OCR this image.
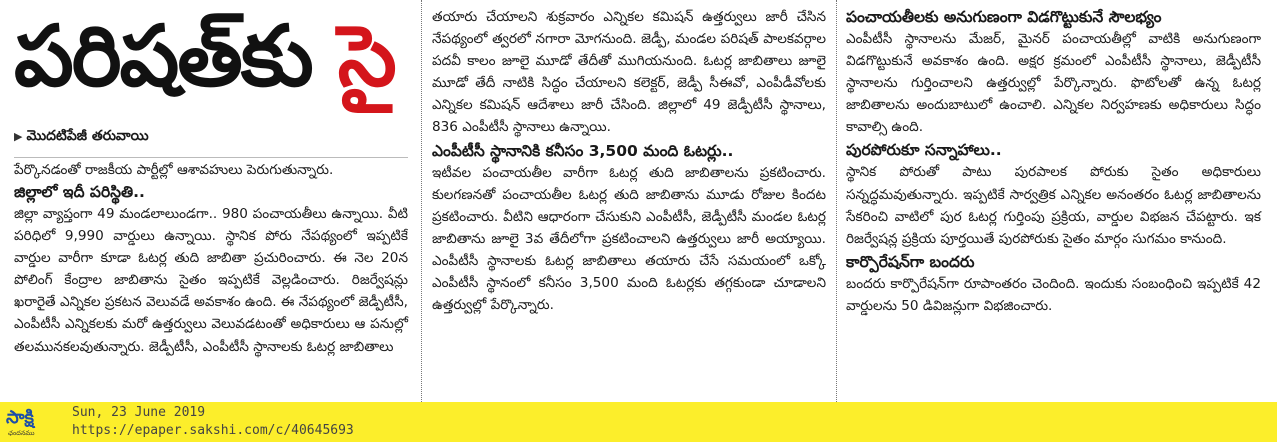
పరిషత్‌కు సై
▶ మొదటిపేజీ తరువాయి
పేర్కొనడంతో రాజకీయ పార్టీల్లో ఆశావహులు పెరుగుతున్నారు.

జిల్లాలో ఇదీ పరిస్థితి..

జిల్లా వ్యాప్తంగా 49 మండలాలుండగా.. 980 పంచాయతీలు ఉన్నాయి. వీటి పరిధిలో 9,990 వార్డులు ఉన్నాయి. స్థానిక పోరు నేపథ్యంలో ఇప్పటికే వార్డుల వారీగా కూడా ఓటర్ల తుది జాబితా ప్రచురించారు. ఈ నెల 20న పోలింగ్‌ కేంద్రాల జాబితాను సైతం ఇప్పటికే వెల్లడించారు. రిజర్వేషన్లు ఖరారైతే ఎన్నికల ప్రకటన వెలువడే అవకాశం ఉంది. ఈ నేపథ్యంలో జెడ్పీటీసీ, ఎంపీటీసీ ఎన్నికలకు మరో ఉత్తర్వులు వెలువడటంతో అధికారులు ఆ పనుల్లో తలమునకలవుతున్నారు. జెడ్పీటీసీ, ఎంపీటీసీ స్థానాలకు ఓటర్ల జాబితాలు

తయారు చేయాలని శుక్రవారం ఎన్నికల కమిషన్‌ ఉత్తర్వులు జారీ చేసిన నేపథ్యంలో త్వరలో నగారా మోగనుంది. జెడ్పీ, మండల పరిషత్‌ పాలకవర్గాల పదవీ కాలం జూలై మూడో తేదీతో ముగియనుంది. ఓటర్ల జాబితాలు జూలై మూడో తేదీ నాటికి సిద్ధం చేయాలని కలెక్టర్, జెడ్పీ సీఈవో, ఎంపీడీవోలకు ఎన్నికల కమిషన్‌ ఆదేశాలు జారీ చేసింది. జిల్లాలో 49 జెడ్పీటీసీ స్థానాలు, 836 ఎంపీటీసీ స్థానాలు ఉన్నాయి.

ఎంపీటీసీ స్థానానికి కనీసం 3,500 మంది ఓటర్లు..

ఇటీవల పంచాయతీల వారీగా ఓటర్ల తుది జాబితాలను ప్రకటించారు. కులగణనతో పంచాయతీల ఓటర్ల తుది జాబితాను మూడు రోజుల కిందట ప్రకటించారు. వీటిని ఆధారంగా చేసుకుని ఎంపీటీసీ, జెడ్పీటీసీ మండల ఓటర్ల జాబితాను జూలై 3వ తేదీలోగా ప్రకటించాలని ఉత్తర్వులు జారీ అయ్యాయి. ఎంపీటీసీ స్థానాలకు ఓటర్ల జాబితాలు తయారు చేసే సమయంలో ఒక్కో ఎంపీటీసీ స్థానంలో కనీసం 3,500 మంది ఓటర్లకు తగ్గకుండా చూడాలని ఉత్తర్వుల్లో పేర్కొన్నారు.

పంచాయతీలకు అనుగుణంగా విడగొట్టుకునే సౌలభ్యం

ఎంపీటీసీ స్థానాలను మేజర్, మైనర్‌ పంచాయతీల్లో వాటికి అనుగుణంగా విడగొట్టుకునే అవకాశం ఉంది. అక్షర క్రమంలో ఎంపీటీసీ స్థానాలు, జెడ్పీటీసీ స్థానాలను గుర్తించాలని ఉత్తర్వుల్లో పేర్కొన్నారు. ఫొటోలతో ఉన్న ఓటర్ల జాబితాలను అందుబాటులో ఉంచాలి. ఎన్నికల నిర్వహణకు అధికారులు సిద్ధం కావాల్సి ఉంది.

పురపోరుకూ సన్నాహాలు..

స్థానిక పోరుతో పాటు పురపాలక పోరుకు సైతం అధికారులు సన్నద్ధమవుతున్నారు. ఇప్పటికే సార్వత్రిక ఎన్నికల అనంతరం ఓటర్ల జాబితాలను సేకరించి వాటిలో పుర ఓటర్ల గుర్తింపు ప్రక్రియ, వార్డుల విభజన చేపట్టారు. ఇక రిజర్వేషన్ల ప్రక్రియ పూర్తయితే పురపోరుకు సైతం మార్గం సుగమం కానుంది.

కార్పొరేషన్‌గా బందరు

బందరు కార్పొరేషన్‌గా రూపాంతరం చెందింది. ఇందుకు సంబంధించి ఇప్పటికే 42 వార్డులను 50 డివిజన్లుగా విభజించారు.

సాక్షి
ఛందనము
Sun, 23 June 2019
https://epaper.sakshi.com/c/40645693
